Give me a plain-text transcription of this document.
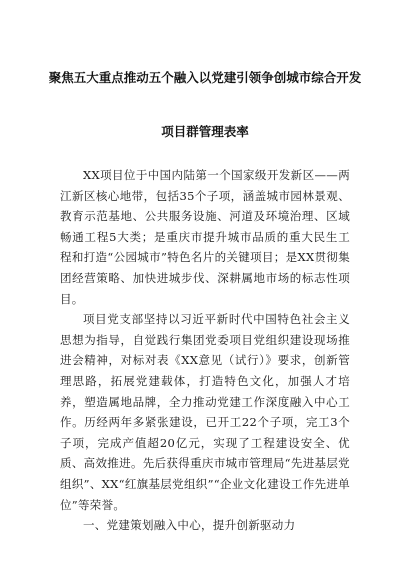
聚焦五大重点推动五个融入以党建引领争创城市综合开发
项目群管理表率

XX项目位于中国内陆第一个国家级开发新区——两江新区核心地带，包括35个子项，涵盖城市园林景观、教育示范基地、公共服务设施、河道及环境治理、区域畅通工程5大类；是重庆市提升城市品质的重大民生工程和打造“公园城市”特色名片的关键项目；是XX贯彻集团经营策略、加快进城步伐、深耕属地市场的标志性项目。

项目党支部坚持以习近平新时代中国特色社会主义思想为指导，自觉践行集团党委项目党组织建设现场推进会精神，对标对表《XX意见（试行）》要求，创新管理思路，拓展党建载体，打造特色文化，加强人才培养，塑造属地品牌，全力推动党建工作深度融入中心工作。历经两年多紧张建设，已开工22个子项，完工3个子项，完成产值超20亿元，实现了工程建设安全、优质、高效推进。先后获得重庆市城市管理局“先进基层党组织”、XX“红旗基层党组织”“企业文化建设工作先进单位”等荣誉。

一、党建策划融入中心，提升创新驱动力
